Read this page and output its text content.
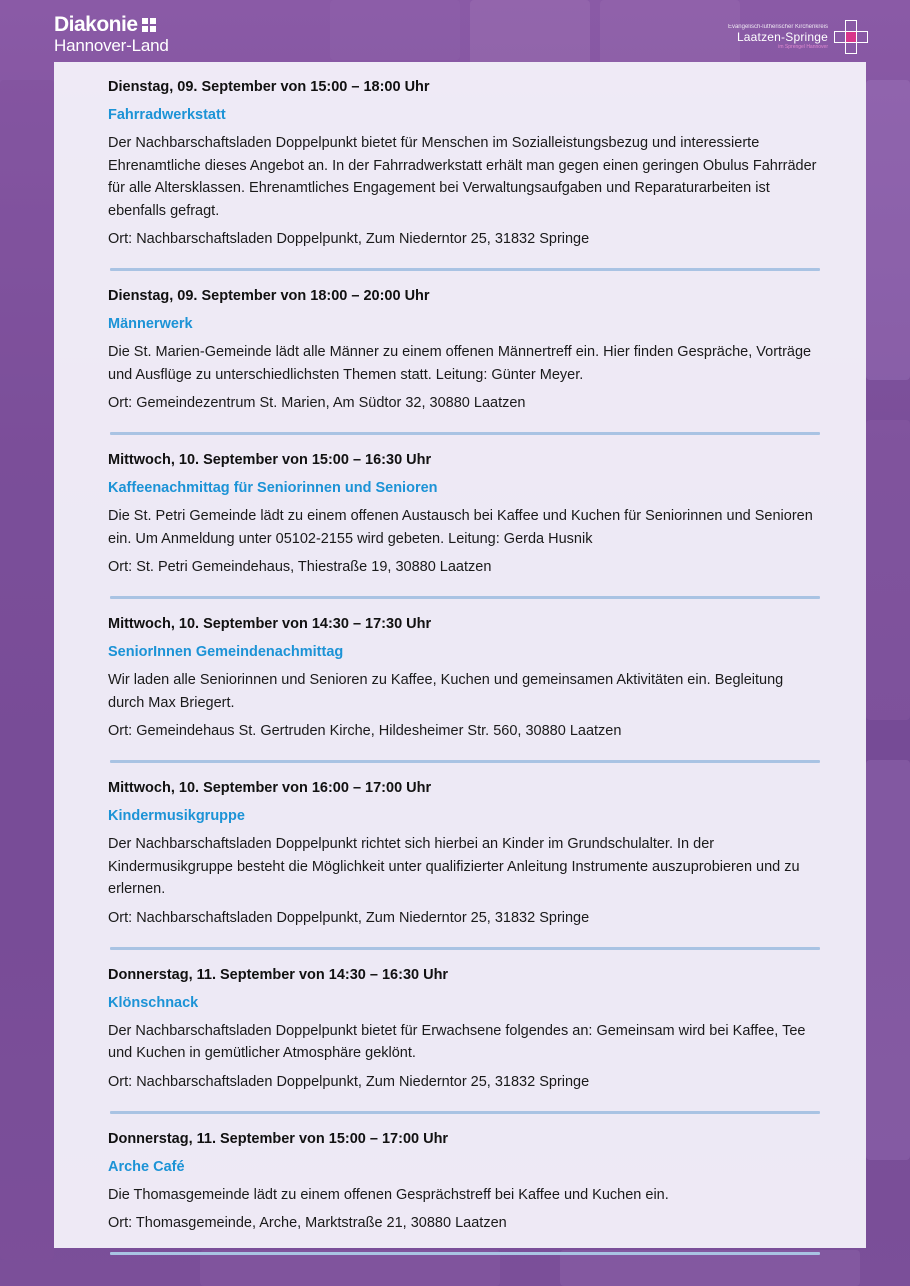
Diakonie
Hannover-Land
Evangelisch-lutherischer Kirchenkreis
Laatzen-Springe
im Sprengel Hannover

Dienstag, 09. September von 15:00 – 18:00 Uhr

Fahrradwerkstatt

Der Nachbarschaftsladen Doppelpunkt bietet für Menschen im Sozialleistungsbezug und interessierte Ehrenamtliche dieses Angebot an. In der Fahrradwerkstatt erhält man gegen einen geringen Obulus Fahrräder für alle Altersklassen. Ehrenamtliches Engagement bei Verwaltungsaufgaben und Reparaturarbeiten ist ebenfalls gefragt.

Ort: Nachbarschaftsladen Doppelpunkt, Zum Niederntor 25, 31832 Springe

Dienstag, 09. September von 18:00 – 20:00 Uhr

Männerwerk

Die St. Marien-Gemeinde lädt alle Männer zu einem offenen Männertreff ein. Hier finden Gespräche, Vorträge und Ausflüge zu unterschiedlichsten Themen statt. Leitung: Günter Meyer.

Ort: Gemeindezentrum St. Marien, Am Südtor 32, 30880 Laatzen

Mittwoch, 10. September von 15:00 – 16:30 Uhr

Kaffeenachmittag für Seniorinnen und Senioren

Die St. Petri Gemeinde lädt zu einem offenen Austausch bei Kaffee und Kuchen für Seniorinnen und Senioren ein. Um Anmeldung unter 05102-2155 wird gebeten. Leitung: Gerda Husnik

Ort: St. Petri Gemeindehaus, Thiestraße 19, 30880 Laatzen

Mittwoch, 10. September von 14:30 – 17:30 Uhr

SeniorInnen Gemeindenachmittag

Wir laden alle Seniorinnen und Senioren zu Kaffee, Kuchen und gemeinsamen Aktivitäten ein. Begleitung durch Max Briegert.

Ort: Gemeindehaus St. Gertruden Kirche, Hildesheimer Str. 560, 30880 Laatzen

Mittwoch, 10. September von 16:00 – 17:00 Uhr

Kindermusikgruppe

Der Nachbarschaftsladen Doppelpunkt richtet sich hierbei an Kinder im Grundschulalter. In der Kindermusikgruppe besteht die Möglichkeit unter qualifizierter Anleitung Instrumente auszuprobieren und zu erlernen.

Ort: Nachbarschaftsladen Doppelpunkt, Zum Niederntor 25, 31832 Springe

Donnerstag, 11. September von 14:30 – 16:30 Uhr

Klönschnack

Der Nachbarschaftsladen Doppelpunkt bietet für Erwachsene folgendes an: Gemeinsam wird bei Kaffee, Tee und Kuchen in gemütlicher Atmosphäre geklönt.

Ort: Nachbarschaftsladen Doppelpunkt, Zum Niederntor 25, 31832 Springe

Donnerstag, 11. September von 15:00 – 17:00 Uhr

Arche Café

Die Thomasgemeinde lädt zu einem offenen Gesprächstreff bei Kaffee und Kuchen ein.

Ort: Thomasgemeinde, Arche, Marktstraße 21, 30880 Laatzen
